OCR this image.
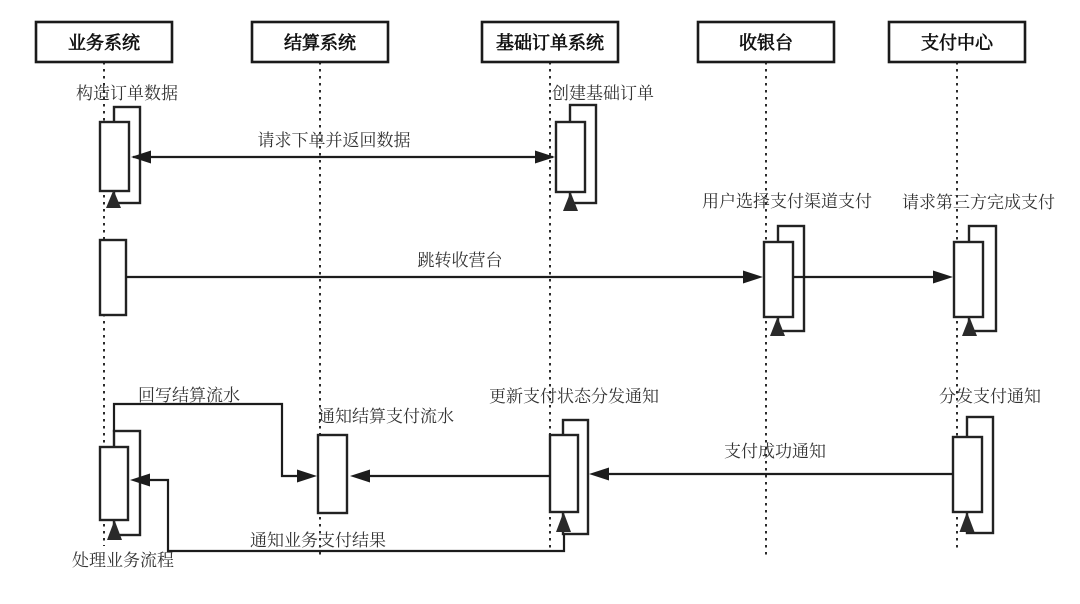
业务系统	结算系统	基础订单系统	收银台	支付中心
构造订单数据	创建基础订单
请求下单并返回数据
跳转收营台
用户选择支付渠道支付 请求第三方完成支付
回写结算流水
通知结算支付流水
更新支付状态分发通知	分发支付通知
支付成功通知
通知业务支付结果
处理业务流程
